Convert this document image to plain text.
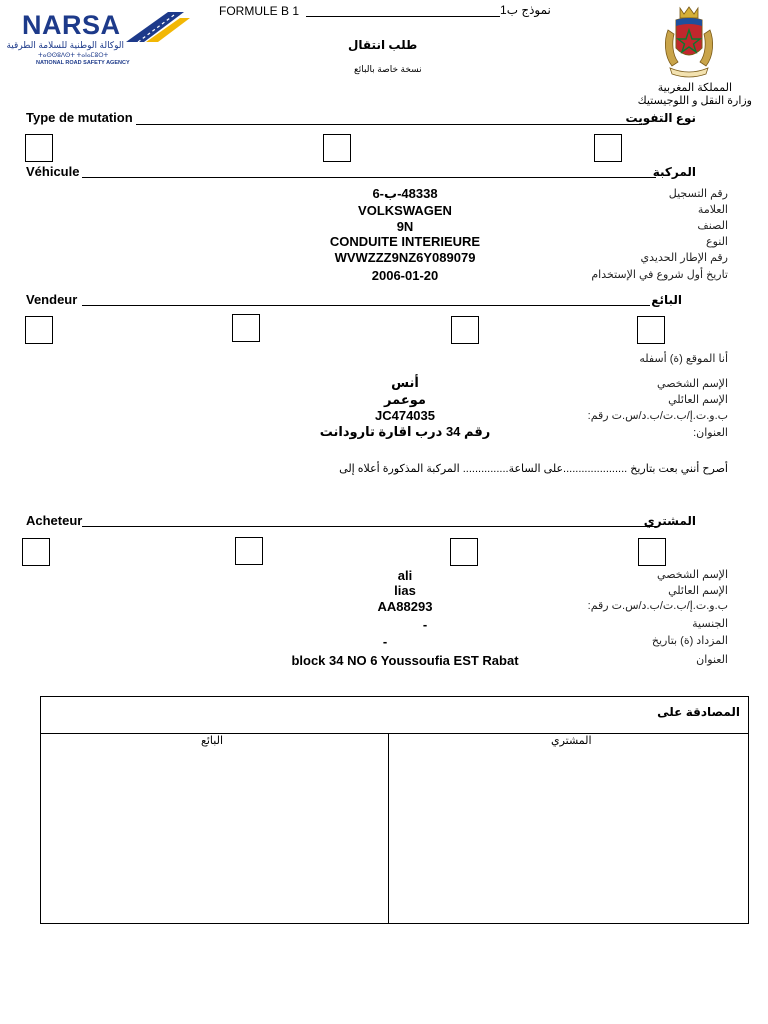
NARSA
الوكالة الوطنية للسلامة الطرقية
ⵜⴰⵙⵙⵓⴷⵙⵜ ⵜⴰⵏⴰⵎⵓⵔⵜ
NATIONAL ROAD SAFETY AGENCY
FORMULE B 1	نموذج ب1
طلب انتقال
نسخة خاصة بالبائع
المملكة المغربية
وزارة النقل و اللوجيستيك
Type de mutation	نوع التفويت
Véhicule	المركبة
48338-ب-6	رقم التسجيل
VOLKSWAGEN	العلامة
9N	الصنف
CONDUITE INTERIEURE	النوع
WVWZZZ9NZ6Y089079	رقم الإطار الحديدي
2006-01-20	تاريخ أول شروع في الإستخدام
Vendeur	البائع
أنا الموقع (ة) أسفله
أنس	الإسم الشخصي
موعمر	الإسم العائلي
JC474035	ب.و.ت.إ/ب.ت/ب.د/س.ت رقم:
رقم 34 درب اقارة تارودانت	العنوان:
أصرح أنني بعت بتاريخ .....................على الساعة............... المركبة المذكورة أعلاه إلى
Acheteur	المشتري
ali	الإسم الشخصي
lias	الإسم العائلي
AA88293	ب.و.ت.إ/ب.ت/ب.د/س.ت رقم:
-	الجنسية
-	المزداد (ة) بتاريخ
block 34 NO 6 Youssoufia EST Rabat	العنوان
المصادقة على
البائع	المشتري
